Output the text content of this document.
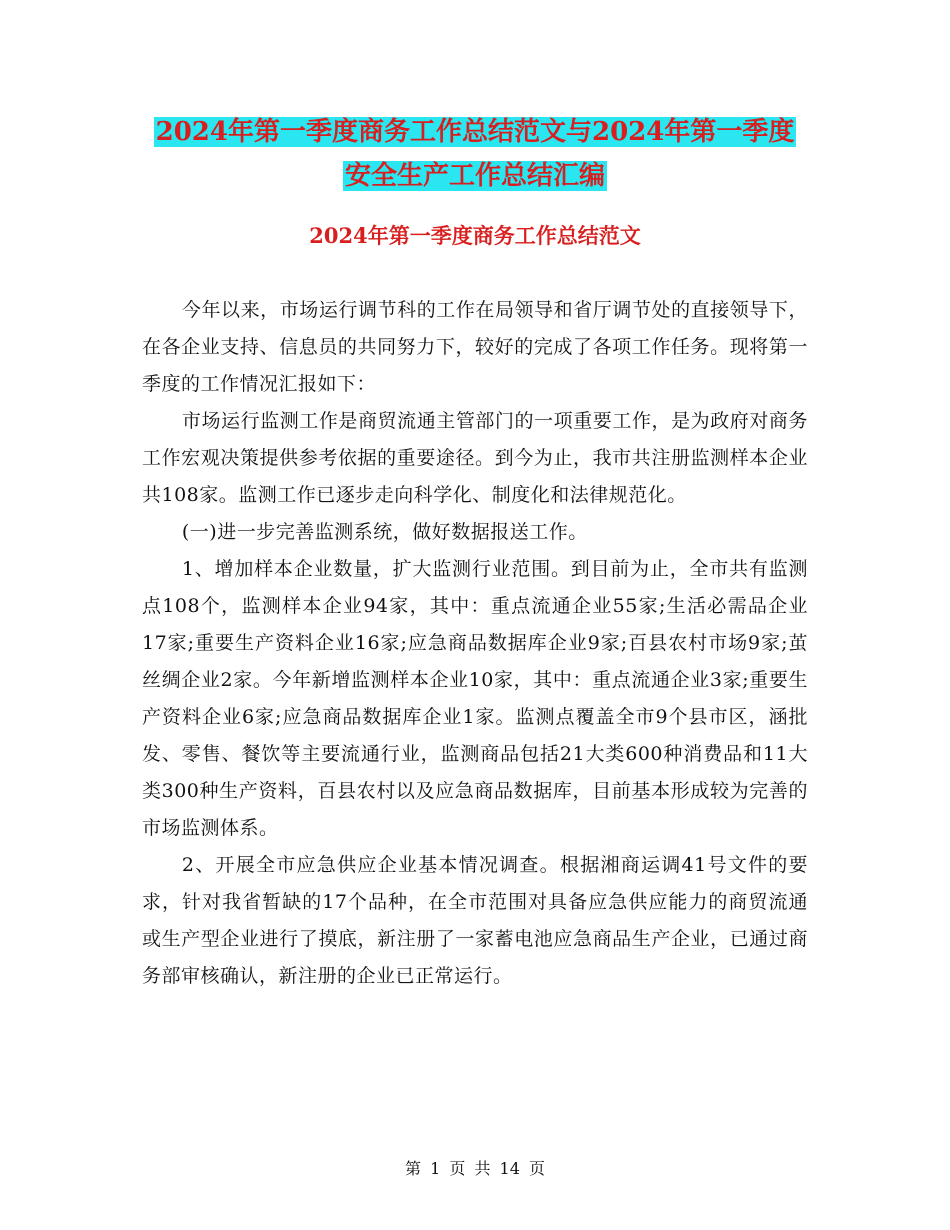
2024年第一季度商务工作总结范文与2024年第一季度
安全生产工作总结汇编
2024年第一季度商务工作总结范文

今年以来，市场运行调节科的工作在局领导和省厅调节处的直接领导下，在各企业支持、信息员的共同努力下，较好的完成了各项工作任务。现将第一季度的工作情况汇报如下：

市场运行监测工作是商贸流通主管部门的一项重要工作，是为政府对商务工作宏观决策提供参考依据的重要途径。到今为止，我市共注册监测样本企业共108家。监测工作已逐步走向科学化、制度化和法律规范化。

(一)进一步完善监测系统，做好数据报送工作。

1、增加样本企业数量，扩大监测行业范围。到目前为止，全市共有监测点108个，监测样本企业94家，其中：重点流通企业55家;生活必需品企业17家;重要生产资料企业16家;应急商品数据库企业9家;百县农村市场9家;茧丝绸企业2家。今年新增监测样本企业10家，其中：重点流通企业3家;重要生产资料企业6家;应急商品数据库企业1家。监测点覆盖全市9个县市区，涵批发、零售、餐饮等主要流通行业，监测商品包括21大类600种消费品和11大类300种生产资料，百县农村以及应急商品数据库，目前基本形成较为完善的市场监测体系。

2、开展全市应急供应企业基本情况调查。根据湘商运调41号文件的要求，针对我省暂缺的17个品种，在全市范围对具备应急供应能力的商贸流通或生产型企业进行了摸底，新注册了一家蓄电池应急商品生产企业，已通过商务部审核确认，新注册的企业已正常运行。

第 1 页 共 14 页
